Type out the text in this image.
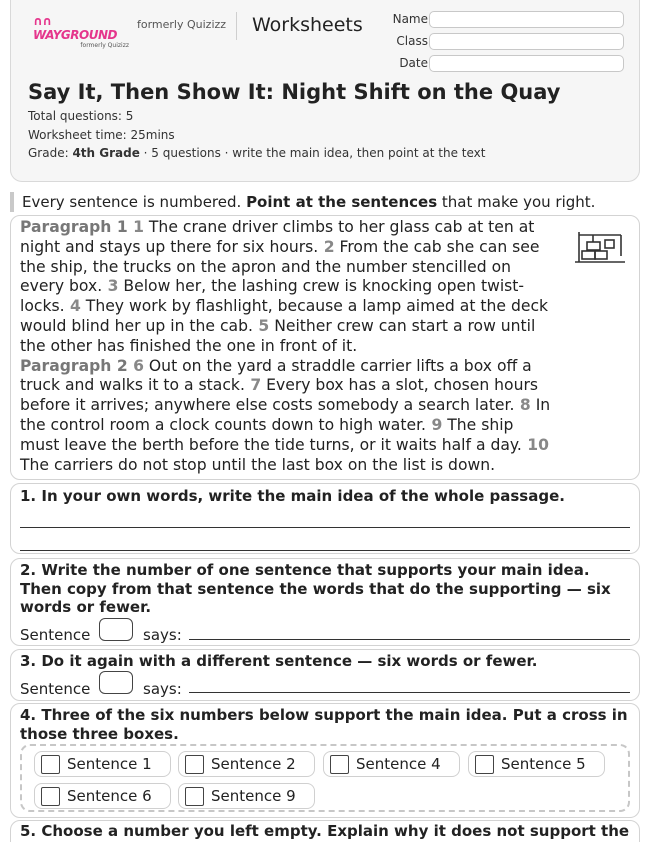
∩∩ WAYGROUND
formerly Quizizz
formerly Quizizz Worksheets	Name
Class
Date
Say It, Then Show It: Night Shift on the Quay
Total questions: 5
Worksheet time: 25mins
Grade: 4th Grade · 5 questions · write the main idea, then point at the text
Every sentence is numbered. Point at the sentences that make you right.

Paragraph 1 1 The crane driver climbs to her glass cab at ten at night and stays up there for six hours. 2 From the cab she can see the ship, the trucks on the apron and the number stencilled on every box. 3 Below her, the lashing crew is knocking open twist-locks. 4 They work by flashlight, because a lamp aimed at the deck would blind her up in the cab. 5 Neither crew can start a row until the other has finished the one in front of it.

Paragraph 2 6 Out on the yard a straddle carrier lifts a box off a truck and walks it to a stack. 7 Every box has a slot, chosen hours before it arrives; anywhere else costs somebody a search later. 8 In the control room a clock counts down to high water. 9 The ship must leave the berth before the tide turns, or it waits half a day. 10 The carriers do not stop until the last box on the list is down.

1. In your own words, write the main idea of the whole passage.
2. Write the number of one sentence that supports your main idea. Then copy from that sentence the words that do the supporting — six words or fewer.
Sentence	says:
3. Do it again with a different sentence — six words or fewer.
Sentence	says:
4. Three of the six numbers below support the main idea. Put a cross in those three boxes.
Sentence 1	Sentence 2	Sentence 4	Sentence 5
Sentence 6	Sentence 9
5. Choose a number you left empty. Explain why it does not support the
